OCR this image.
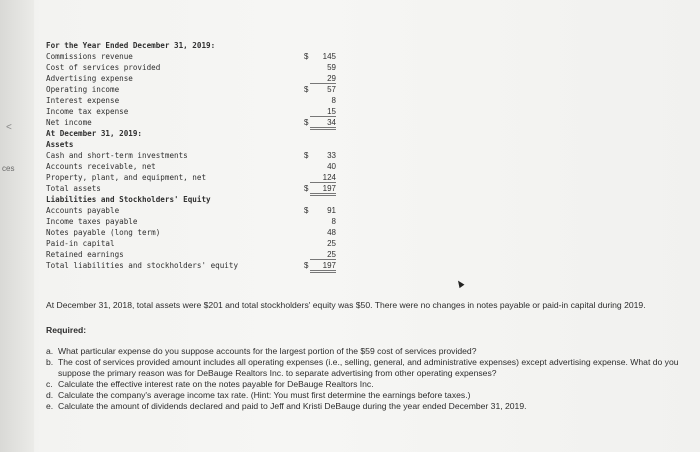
<
ces
For the Year Ended December 31, 2019:
Commissions revenue	$ 145
Cost of services provided	59
Advertising expense	29
Operating income	$ 57
Interest expense	8
Income tax expense	15
Net income	$ 34
At December 31, 2019:
Assets
Cash and short-term investments	$ 33
Accounts receivable, net	40
Property, plant, and equipment, net	124
Total assets	$ 197
Liabilities and Stockholders' Equity
Accounts payable	$ 91
Income taxes payable	8
Notes payable (long term)	48
Paid-in capital	25
Retained earnings	25
Total liabilities and stockholders' equity	$ 197

At December 31, 2018, total assets were $201 and total stockholders' equity was $50. There were no changes in notes payable or paid-in capital during 2019.

Required:

a. What particular expense do you suppose accounts for the largest portion of the $59 cost of services provided?

b. The cost of services provided amount includes all operating expenses (i.e., selling, general, and administrative expenses) except advertising expense. What do you suppose the primary reason was for DeBauge Realtors Inc. to separate advertising from other operating expenses?

c. Calculate the effective interest rate on the notes payable for DeBauge Realtors Inc.

d. Calculate the company's average income tax rate. (Hint: You must first determine the earnings before taxes.)

e. Calculate the amount of dividends declared and paid to Jeff and Kristi DeBauge during the year ended December 31, 2019.
